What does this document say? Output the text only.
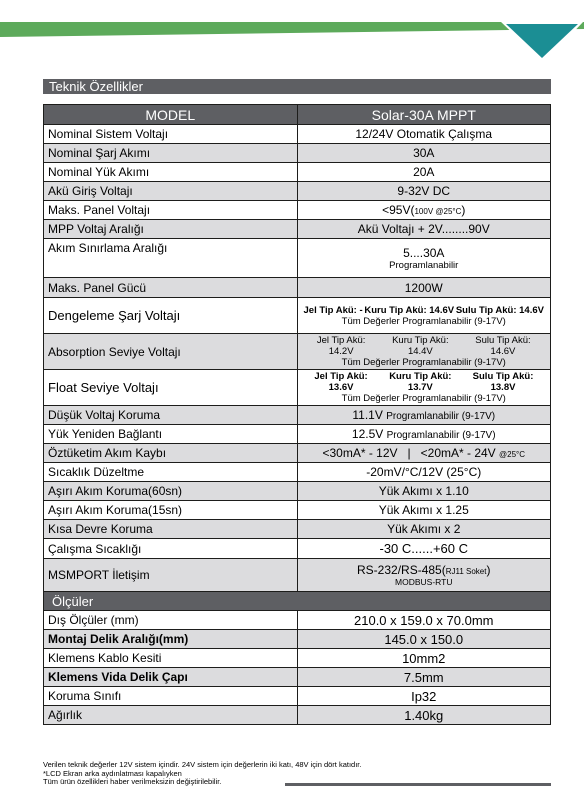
Teknik Özellikler
MODEL	Solar-30A MPPT
Nominal Sistem Voltajı	12/24V Otomatik Çalışma
Nominal Şarj Akımı	30A
Nominal Yük Akımı	20A
Akü Giriş Voltajı	9-32V DC
Maks. Panel Voltajı	<95V(100V @25°C)
MPP Voltaj Aralığı	Akü Voltajı + 2V........90V
Akım Sınırlama Aralığı	5....30A
Programlanabilir

Maks. Panel Gücü	1200W
Dengeleme Şarj Voltajı	Jel Tip Akü: - Kuru Tip Akü: 14.6V Sulu Tip Akü: 14.6V
Tüm Değerler Programlanabilir (9-17V)

Absorption Seviye Voltajı	Jel Tip Akü: 14.2V
Kuru Tip Akü: 14.4V
Sulu Tip Akü: 14.6V
Tüm Değerler Programlanabilir (9-17V)

Float Seviye Voltajı	Jel Tip Akü: 13.6V
Kuru Tip Akü: 13.7V
Sulu Tip Akü: 13.8V
Tüm Değerler Programlanabilir (9-17V)

Düşük Voltaj Koruma	11.1V Programlanabilir (9-17V)
Yük Yeniden Bağlantı	12.5V Programlanabilir (9-17V)
Öztüketim Akım Kaybı	<30mA* - 12V   |   <20mA* - 24V @25°C
Sıcaklık Düzeltme	-20mV/°C/12V (25°C)
Aşırı Akım Koruma(60sn)	Yük Akımı x 1.10
Aşırı Akım Koruma(15sn)	Yük Akımı x 1.25
Kısa Devre Koruma	Yük Akımı x 2
Çalışma Sıcaklığı	-30 C......+60 C
MSMPORT İletişim	RS-232/RS-485(RJ11 Soket)
MODBUS-RTU

Ölçüler	
Dış Ölçüler (mm)	210.0 x 159.0 x 70.0mm
Montaj Delik Aralığı(mm)	145.0 x 150.0
Klemens Kablo Kesiti	10mm2
Klemens Vida Delik Çapı	7.5mm
Koruma Sınıfı	Ip32
Ağırlık	1.40kg
Verilen teknik değerler 12V sistem içindir. 24V sistem için değerlerin iki katı, 48V için dört katıdır.
*LCD Ekran arka aydınlatması kapalıyken
Tüm ürün özellikleri haber verilmeksizin değiştirilebilir.
